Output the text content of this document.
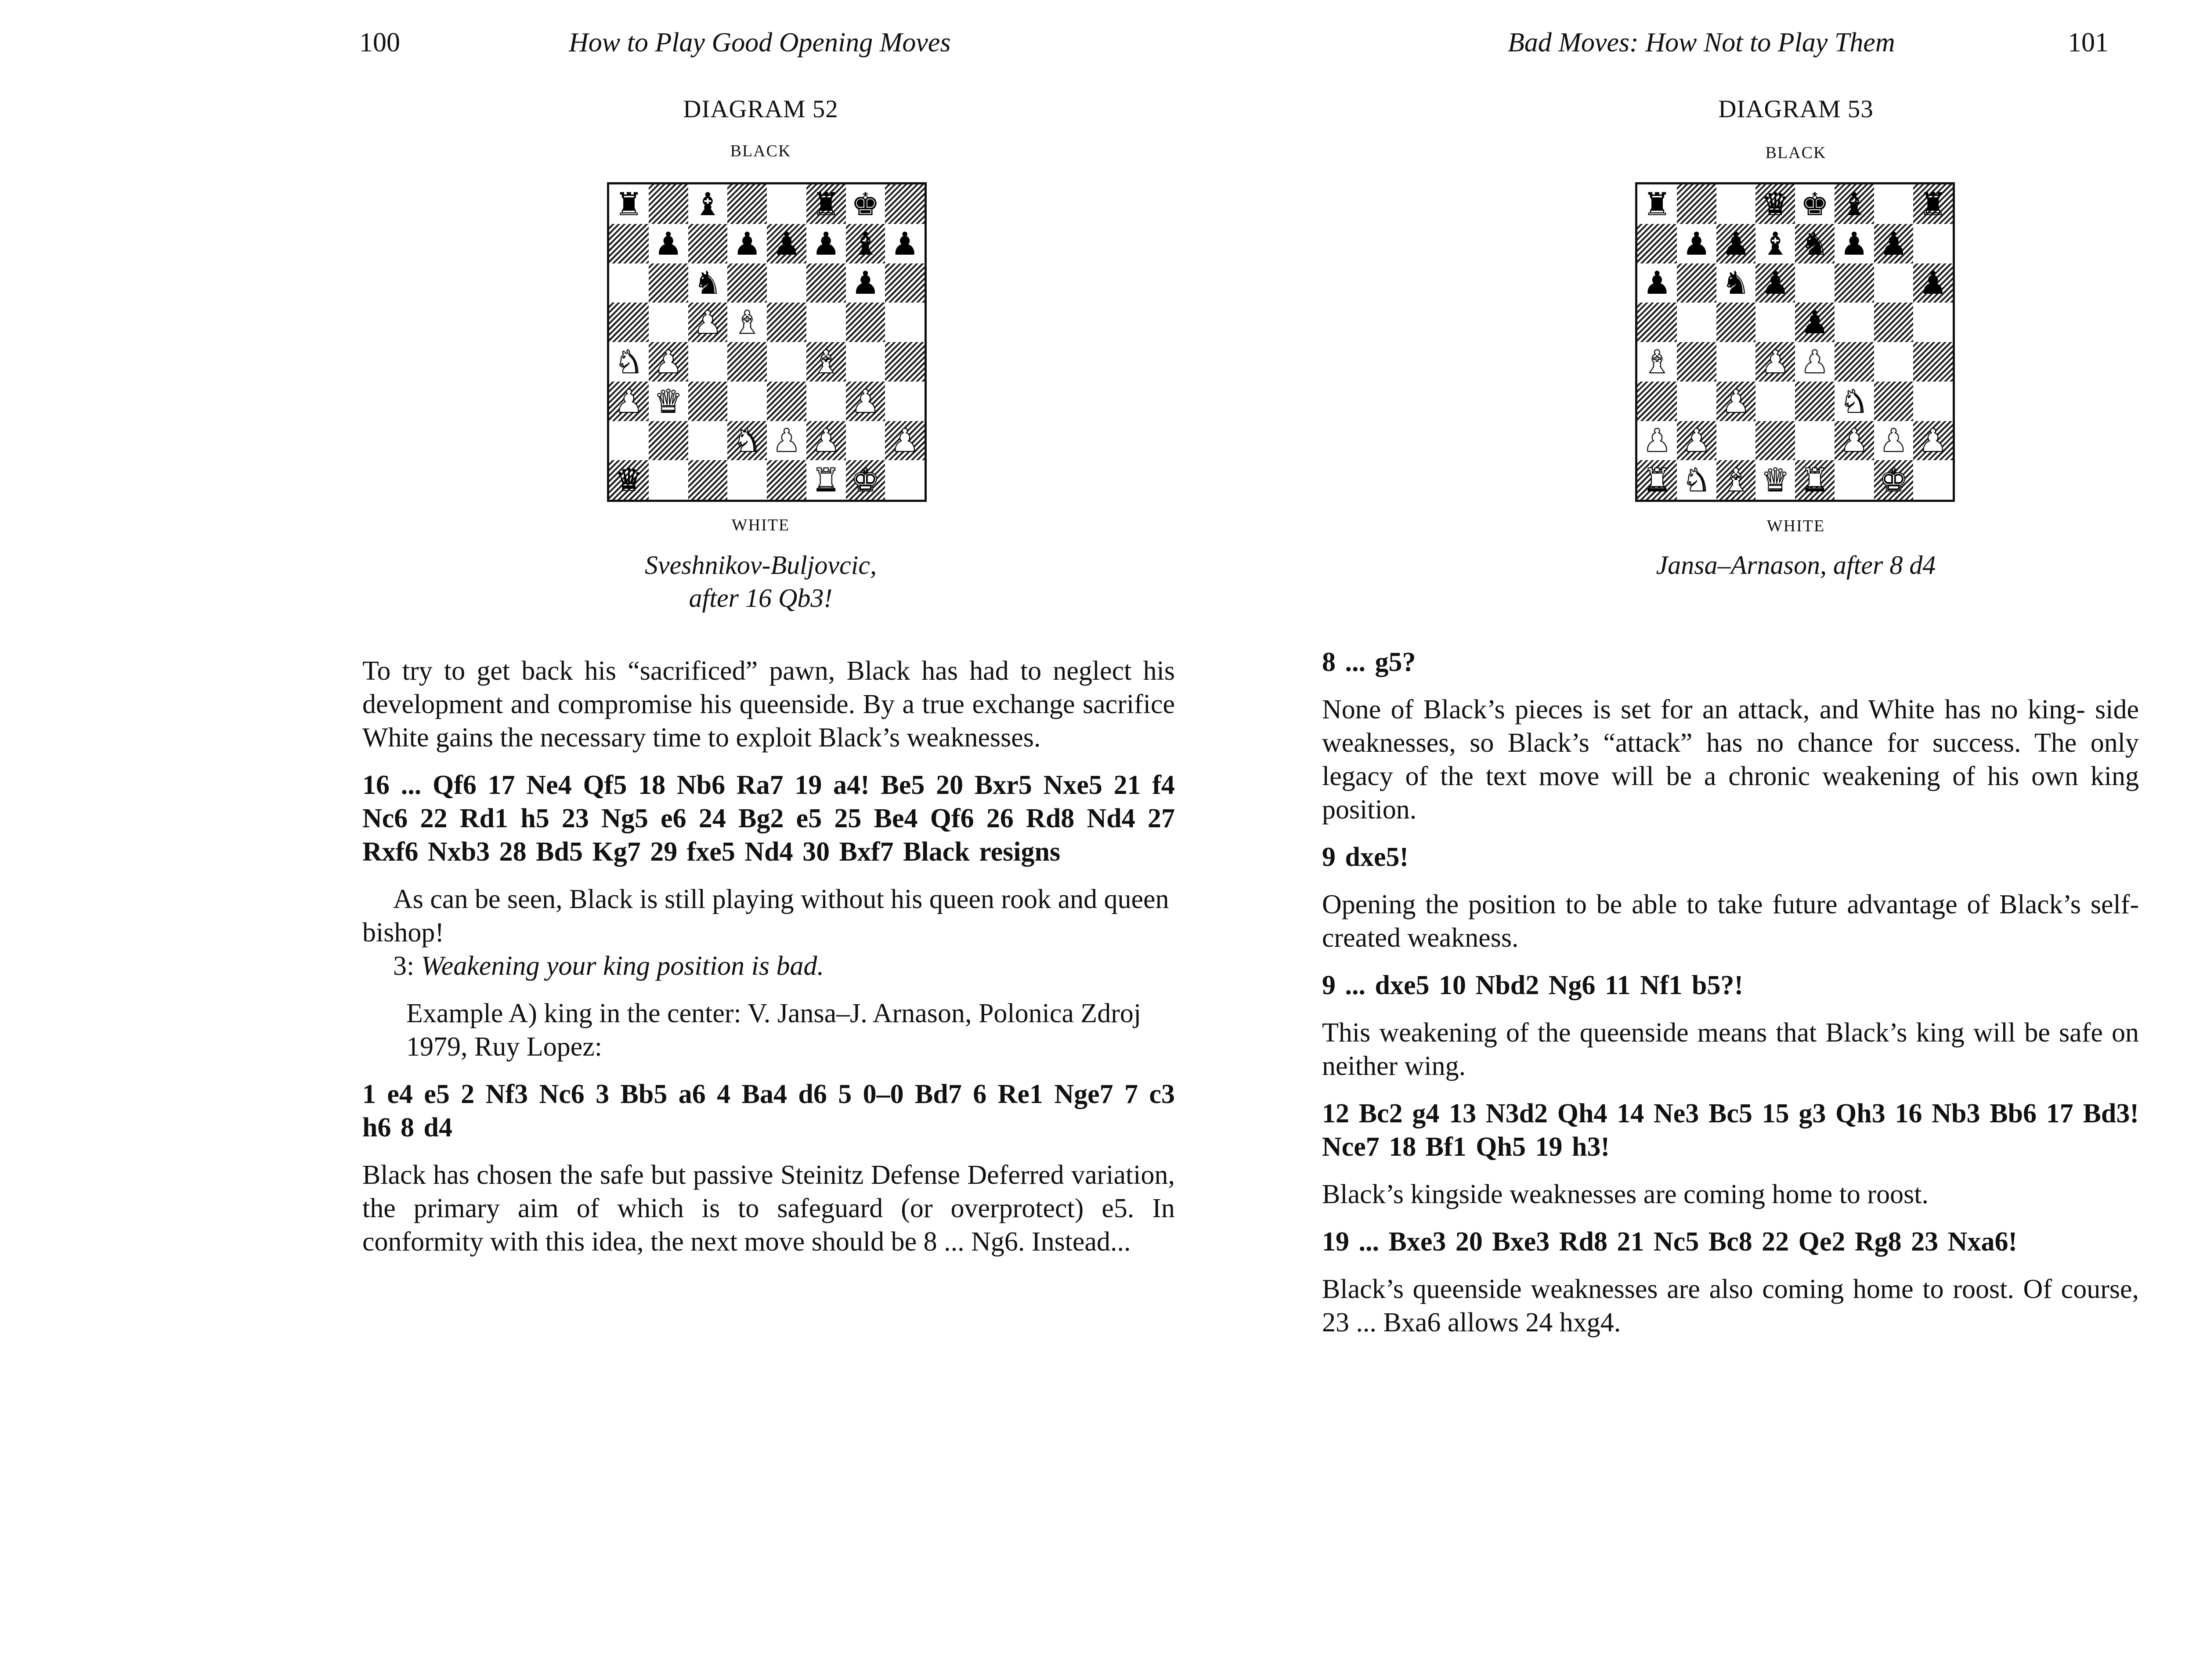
100	How to Play Good Opening Moves
DIAGRAM 52
BLACK
♜ ♝	♜ ♚
♟ ♟ ♟ ♟ ♝ ♟
♞	♟
♟ ♝
♞ ♟	♝
♟ ♛	♟
♞ ♟ ♟ ♟
♛	♜ ♚
WHITE
Sveshnikov-Buljovcic,
after 16 Qb3!

To try to get back his “sacrificed” pawn, Black has had to neglect his development and compromise his queenside. By a true exchange sacrifice White gains the necessary time to exploit Black’s weaknesses.

16 ... Qf6 17 Ne4 Qf5 18 Nb6 Ra7 19 a4! Be5 20 Bxr5 Nxe5 21 f4 Nc6 22 Rd1 h5 23 Ng5 e6 24 Bg2 e5 25 Be4 Qf6 26 Rd8 Nd4 27 Rxf6 Nxb3 28 Bd5 Kg7 29 fxe5 Nd4 30 Bxf7 Black resigns

As can be seen, Black is still playing without his queen rook and queen bishop!

3: Weakening your king position is bad.

Example A) king in the center: V. Jansa–J. Arnason, Polonica Zdroj 1979, Ruy Lopez:

1 e4 e5 2 Nf3 Nc6 3 Bb5 a6 4 Ba4 d6 5 0–0 Bd7 6 Re1 Nge7 7 c3 h6 8 d4

Black has chosen the safe but passive Steinitz Defense Deferred variation, the primary aim of which is to safeguard (or overprotect) e5. In conformity with this idea, the next move should be 8 ... Ng6. Instead...

Bad Moves: How Not to Play Them	101
DIAGRAM 53
BLACK
♜	♛ ♚ ♝ ♜
♟ ♟ ♝ ♞ ♟ ♟
♟ ♞ ♟	♟
♟
♝	♟ ♟
♟	♞
♟ ♟	♟ ♟ ♟
♜ ♞ ♝ ♛ ♜ ♚
WHITE
Jansa–Arnason, after 8 d4

8 ... g5?

None of Black’s pieces is set for an attack, and White has no king- side weaknesses, so Black’s “attack” has no chance for success. The only legacy of the text move will be a chronic weakening of his own king position.

9 dxe5!

Opening the position to be able to take future advantage of Black’s self-created weakness.

9 ... dxe5 10 Nbd2 Ng6 11 Nf1 b5?!

This weakening of the queenside means that Black’s king will be safe on neither wing.

12 Bc2 g4 13 N3d2 Qh4 14 Ne3 Bc5 15 g3 Qh3 16 Nb3 Bb6 17 Bd3! Nce7 18 Bf1 Qh5 19 h3!

Black’s kingside weaknesses are coming home to roost.

19 ... Bxe3 20 Bxe3 Rd8 21 Nc5 Bc8 22 Qe2 Rg8 23 Nxa6!

Black’s queenside weaknesses are also coming home to roost. Of course, 23 ... Bxa6 allows 24 hxg4.
